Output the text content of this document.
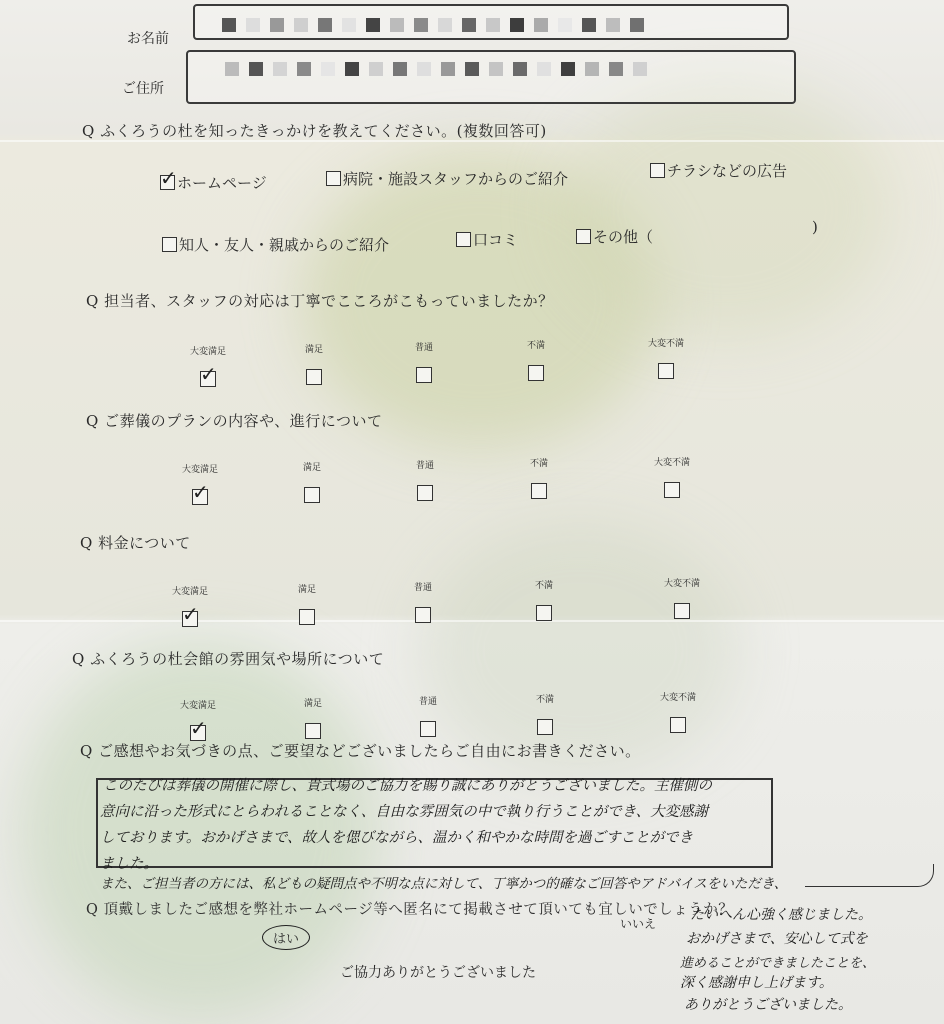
お名前
ご住所
Q ふくろうの杜を知ったきっかけを教えてください。(複数回答可)
✓ ホームページ	病院・施設スタッフからのご紹介	チラシなどの広告
知人・友人・親戚からのご紹介	口コミ	その他（
)
Q 担当者、スタッフの対応は丁寧でこころがこもっていましたか？
大変満足
✓
満足	普通	不満	大変不満
Q ご葬儀のプランの内容や、進行について
大変満足
✓
満足	普通	不満	大変不満
Q 料金について
大変満足
✓
満足	普通	不満	大変不満
Q ふくろうの杜会館の雰囲気や場所について
大変満足
✓
満足	普通	不満	大変不満
Q ご感想やお気づきの点、ご要望などございましたらご自由にお書きください。
このたびは葬儀の開催に際し、貴式場のご協力を賜り誠にありがとうございました。主催側の
意向に沿った形式にとらわれることなく、自由な雰囲気の中で執り行うことができ、大変感謝
しております。おかげさまで、故人を偲びながら、温かく和やかな時間を過ごすことができ
ました。
また、ご担当者の方には、私どもの疑問点や不明な点に対して、丁寧かつ的確なご回答やアドバイスをいただき、
Q 頂戴しましたご感想を弊社ホームページ等へ匿名にて掲載させて頂いても宜しいでしょうか？
はい
いいえ
たいへん心強く感じました。
おかげさまで、安心して式を
進めることができましたことを、
深く感謝申し上げます。
ありがとうございました。
ご協力ありがとうございました
